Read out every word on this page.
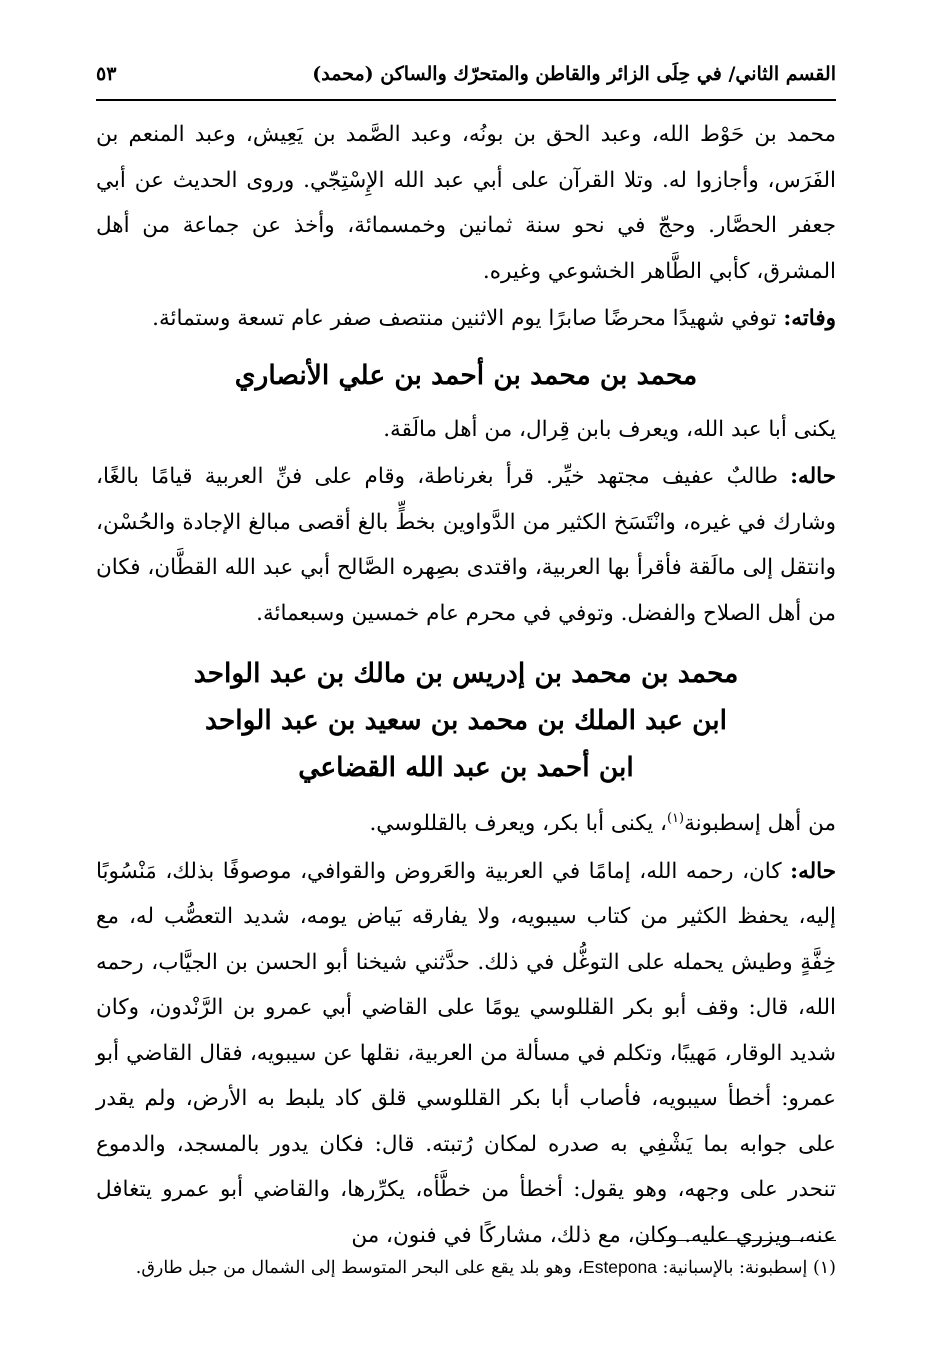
القسم الثاني/ في حِلَى الزائر والقاطن والمتحرّك والساكن (محمد)
٥٣

محمد بن حَوْط الله، وعبد الحق بن بونُه، وعبد الصَّمد بن يَعِيش، وعبد المنعم بن الفَرَس، وأجازوا له. وتلا القرآن على أبي عبد الله الإِسْتِجّي. وروى الحديث عن أبي جعفر الحصَّار. وحجّ في نحو سنة ثمانين وخمسمائة، وأخذ عن جماعة من أهل المشرق، كأبي الطَّاهر الخشوعي وغيره.

وفاته: توفي شهيدًا محرضًا صابرًا يوم الاثنين منتصف صفر عام تسعة وستمائة.

محمد بن محمد بن أحمد بن علي الأنصاري

يكنى أبا عبد الله، ويعرف بابن قِرال، من أهل مالَقة.

حاله: طالبٌ عفيف مجتهد خيِّر. قرأ بغرناطة، وقام على فنِّ العربية قيامًا بالغًا، وشارك في غيره، وانْتَسَخ الكثير من الدَّواوين بخطٍّ بالغ أقصى مبالغ الإجادة والحُسْن، وانتقل إلى مالَقة فأقرأ بها العربية، واقتدى بصِهره الصَّالح أبي عبد الله القطَّان، فكان من أهل الصلاح والفضل. وتوفي في محرم عام خمسين وسبعمائة.

محمد بن محمد بن إدريس بن مالك بن عبد الواحد
ابن عبد الملك بن محمد بن سعيد بن عبد الواحد
ابن أحمد بن عبد الله القضاعي

من أهل إسطبونة$^{(١)}$، يكنى أبا بكر، ويعرف بالقللوسي.

حاله: كان، رحمه الله، إمامًا في العربية والعَروض والقوافي، موصوفًا بذلك، مَنْسُوبًا إليه، يحفظ الكثير من كتاب سيبويه، ولا يفارقه بَياض يومه، شديد التعصُّب له، مع خِفَّةٍ وطيش يحمله على التوغُّل في ذلك. حدَّثني شيخنا أبو الحسن بن الجيَّاب، رحمه الله، قال: وقف أبو بكر القللوسي يومًا على القاضي أبي عمرو بن الرَّنْدون، وكان شديد الوقار، مَهيبًا، وتكلم في مسألة من العربية، نقلها عن سيبويه، فقال القاضي أبو عمرو: أخطأ سيبويه، فأصاب أبا بكر القللوسي قلق كاد يلبط به الأرض، ولم يقدر على جوابه بما يَشْفِي به صدره لمكان رُتبته. قال: فكان يدور بالمسجد، والدموع تنحدر على وجهه، وهو يقول: أخطأ من خطَّأه، يكرِّرها، والقاضي أبو عمرو يتغافل عنه، ويزري عليه. وكان، مع ذلك، مشاركًا في فنون، من

(١) إسطبونة: بالإسبانية: Estepona، وهو بلد يقع على البحر المتوسط إلى الشمال من جبل طارق.
